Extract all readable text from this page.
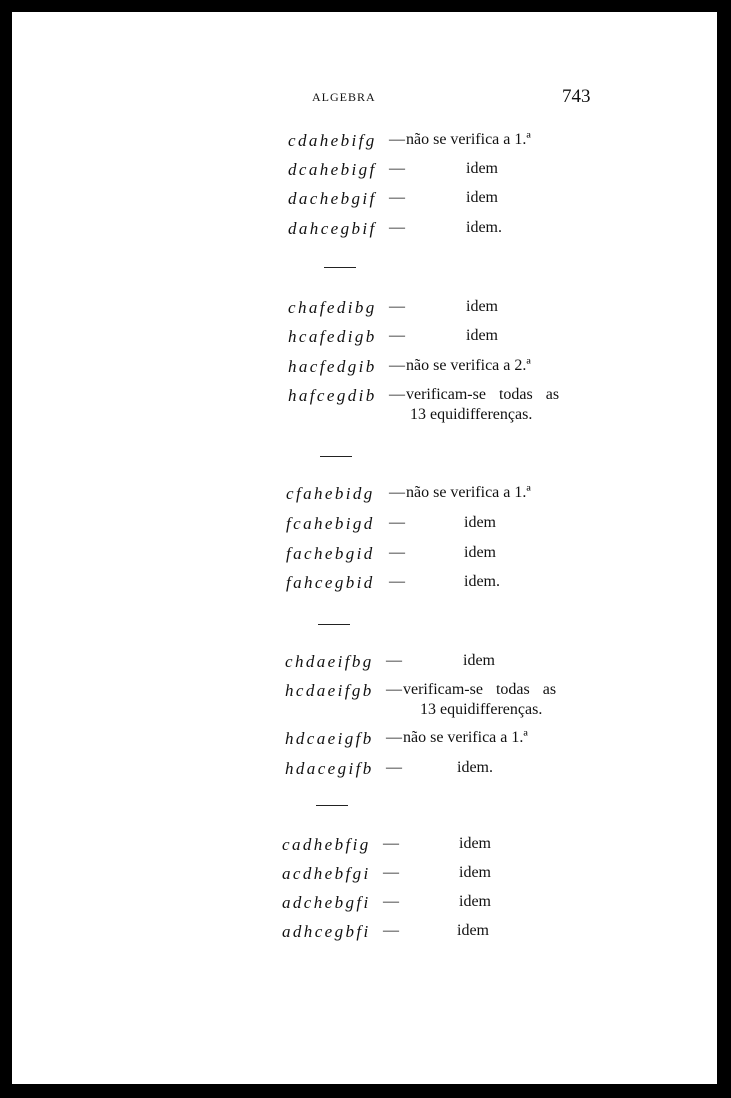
ALGEBRA	743
cdahebifg — não se verifica a 1.ª
dcahebigf —	idem
dachebgif —	idem
dahcegbif —	idem.
chafedibg —	idem
hcafedigb —	idem
hacfedgib — não se verifica a 2.ª
hafcegdib — verificam-se todas as
13 equidifferenças.
cfahebidg — não se verifica a 1.ª
fcahebigd —	idem
fachebgid —	idem
fahcegbid —	idem.
chdaeifbg —	idem
hcdaeifgb — verificam-se todas as
13 equidifferenças.
hdcaeigfb — não se verifica a 1.ª
hdacegifb —	idem.
cadhebfig —	idem
acdhebfgi —	idem
adchebgfi —	idem
adhcegbfi —	idem
